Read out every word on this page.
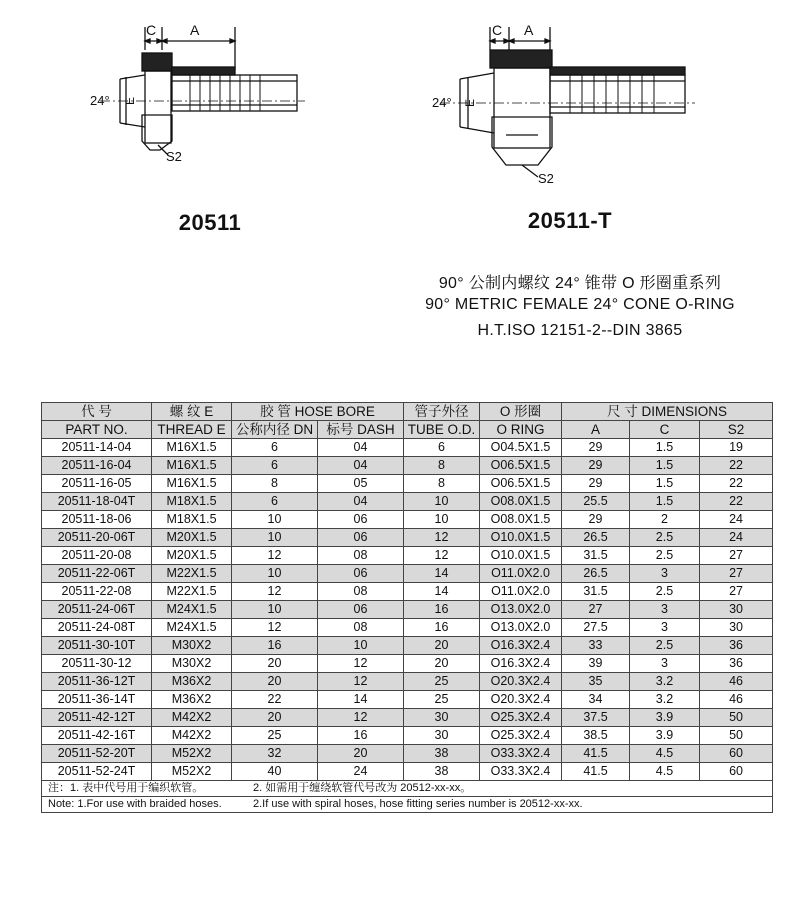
C A
24° E
S2
C A
24° E
S2
20511	20511-T
90° 公制内螺纹 24° 锥带 O 形圈重系列
90° METRIC FEMALE 24° CONE O-RING
H.T.ISO 12151-2--DIN 3865
代 号	螺 纹 E	胶 管 HOSE BORE		管子外径	O 形圈	尺 寸 DIMENSIONS		
PART NO.	THREAD E	公称内径 DN	标号 DASH	TUBE O.D.	O RING	A	C	S2
20511-14-04	M16X1.5	6	04	6	O04.5X1.5	29	1.5	19
20511-16-04	M16X1.5	6	04	8	O06.5X1.5	29	1.5	22
20511-16-05	M16X1.5	8	05	8	O06.5X1.5	29	1.5	22
20511-18-04T	M18X1.5	6	04	10	O08.0X1.5	25.5	1.5	22
20511-18-06	M18X1.5	10	06	10	O08.0X1.5	29	2	24
20511-20-06T	M20X1.5	10	06	12	O10.0X1.5	26.5	2.5	24
20511-20-08	M20X1.5	12	08	12	O10.0X1.5	31.5	2.5	27
20511-22-06T	M22X1.5	10	06	14	O11.0X2.0	26.5	3	27
20511-22-08	M22X1.5	12	08	14	O11.0X2.0	31.5	2.5	27
20511-24-06T	M24X1.5	10	06	16	O13.0X2.0	27	3	30
20511-24-08T	M24X1.5	12	08	16	O13.0X2.0	27.5	3	30
20511-30-10T	M30X2	16	10	20	O16.3X2.4	33	2.5	36
20511-30-12	M30X2	20	12	20	O16.3X2.4	39	3	36
20511-36-12T	M36X2	20	12	25	O20.3X2.4	35	3.2	46
20511-36-14T	M36X2	22	14	25	O20.3X2.4	34	3.2	46
20511-42-12T	M42X2	20	12	30	O25.3X2.4	37.5	3.9	50
20511-42-16T	M42X2	25	16	30	O25.3X2.4	38.5	3.9	50
20511-52-20T	M52X2	32	20	38	O33.3X2.4	41.5	4.5	60
20511-52-24T	M52X2	40	24	38	O33.3X2.4	41.5	4.5	60

注：1. 表中代号用于编织软管。 2. 如需用于缠绕软管代号改为 20512-xx-xx。								

Note: 1.For use with braided hoses. 2.If use with spiral hoses, hose fitting series number is 20512-xx-xx.								
